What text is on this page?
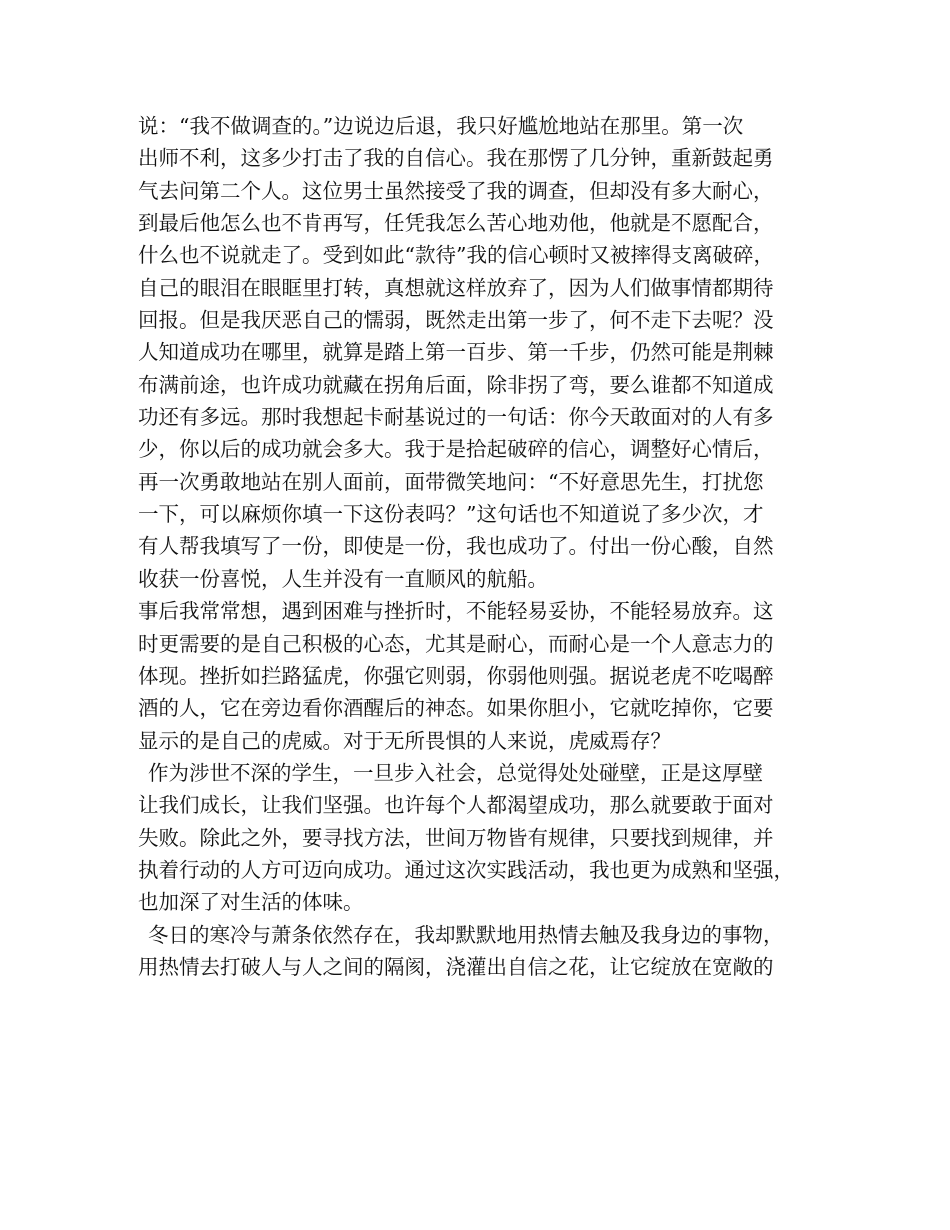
说：“我不做调查的。”边说边后退，我只好尴尬地站在那里。第一次
出师不利，这多少打击了我的自信心。我在那愣了几分钟，重新鼓起勇
气去问第二个人。这位男士虽然接受了我的调查，但却没有多大耐心，
到最后他怎么也不肯再写，任凭我怎么苦心地劝他，他就是不愿配合，
什么也不说就走了。受到如此“款待”我的信心顿时又被摔得支离破碎，
自己的眼泪在眼眶里打转，真想就这样放弃了，因为人们做事情都期待
回报。但是我厌恶自己的懦弱，既然走出第一步了，何不走下去呢？没
人知道成功在哪里，就算是踏上第一百步、第一千步，仍然可能是荆棘
布满前途，也许成功就藏在拐角后面，除非拐了弯，要么谁都不知道成
功还有多远。那时我想起卡耐基说过的一句话：你今天敢面对的人有多
少，你以后的成功就会多大。我于是拾起破碎的信心，调整好心情后，
再一次勇敢地站在别人面前，面带微笑地问：“不好意思先生，打扰您
一下，可以麻烦你填一下这份表吗？”这句话也不知道说了多少次，才
有人帮我填写了一份，即使是一份，我也成功了。付出一份心酸，自然
收获一份喜悦，人生并没有一直顺风的航船。
事后我常常想，遇到困难与挫折时，不能轻易妥协，不能轻易放弃。这
时更需要的是自己积极的心态，尤其是耐心，而耐心是一个人意志力的
体现。挫折如拦路猛虎，你强它则弱，你弱他则强。据说老虎不吃喝醉
酒的人，它在旁边看你酒醒后的神态。如果你胆小，它就吃掉你，它要
显示的是自己的虎威。对于无所畏惧的人来说，虎威焉存？
作为涉世不深的学生，一旦步入社会，总觉得处处碰壁，正是这厚壁
让我们成长，让我们坚强。也许每个人都渴望成功，那么就要敢于面对
失败。除此之外，要寻找方法，世间万物皆有规律，只要找到规律，并
执着行动的人方可迈向成功。通过这次实践活动，我也更为成熟和坚强，
也加深了对生活的体味。
冬日的寒冷与萧条依然存在，我却默默地用热情去触及我身边的事物，
用热情去打破人与人之间的隔阂，浇灌出自信之花，让它绽放在宽敞的
